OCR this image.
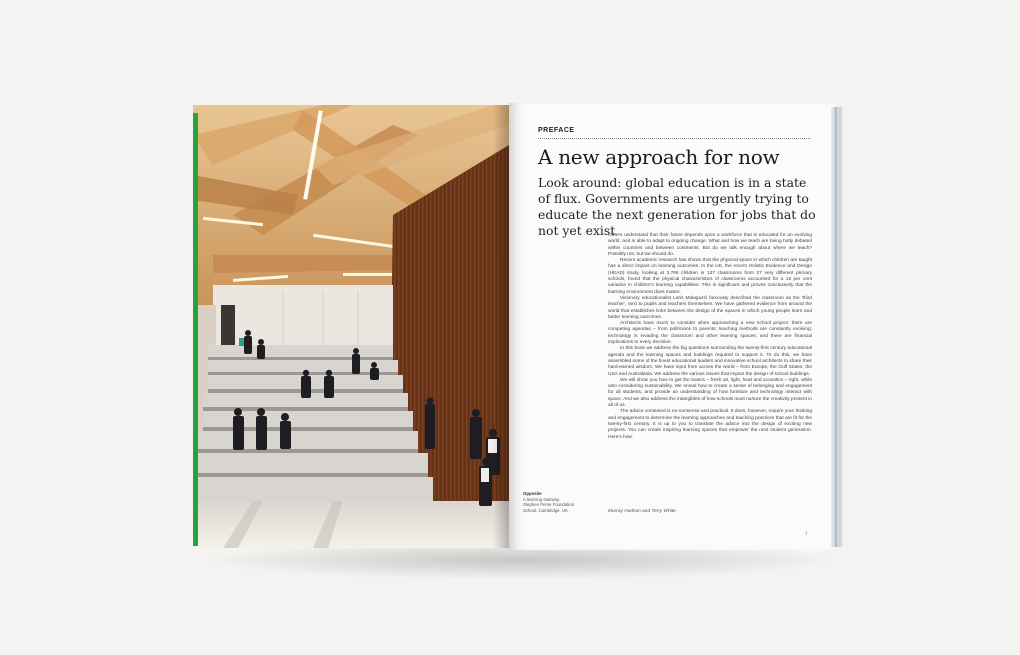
PREFACE
A new approach for now
Look around: global education is in a state of flux. Governments are urgently trying to educate the next generation for jobs that do not yet exist

Others understand that their future depends upon a workforce that is educated for an evolving world, and is able to adapt to ongoing change. What and how we teach are being hotly debated within countries and between continents. But do we talk enough about where we teach? Possibly not, but we should do.

Recent academic research has shown that the physical space in which children are taught has a direct impact on learning outcomes. In the UK, the recent Holistic Evidence and Design (HEAD) study, looking at 3,766 children in 137 classrooms from 27 very different primary schools, found that the physical characteristics of classrooms accounted for a 16 per cent variation in children's learning capabilities. This is significant and proves conclusively that the learning environment does matter.

Visionary educationalist Loris Malaguzzi famously described the classroom as the 'third teacher', next to pupils and teachers themselves. We have gathered evidence from around the world that establishes links between the design of the spaces in which young people learn and better learning outcomes.

Architects have much to consider when approaching a new school project: there are competing agendas – from politicians to parents; teaching methods are constantly evolving; technology is invading the classroom and other learning spaces; and there are financial implications to every decision.

In this book we address the big questions surrounding the twenty-first century educational agenda and the learning spaces and buildings required to support it. To do this, we have assembled some of the finest educational leaders and innovative school architects to share their hard-earned wisdom. We have input from across the world – from Europe, the Gulf States, the USA and Australasia. We address the various issues that impact the design of school buildings.

We will show you how to get the basics – fresh air, light, heat and acoustics – right, while also considering sustainability. We reveal how to create a sense of belonging and engagement for all students, and provide an understanding of how furniture and technology interact with space. And we also address the intangibles of how schools must nurture the creativity present in all of us.

The advice contained is no-nonsense and practical. It does, however, require your thinking and engagement to determine the learning approaches and teaching practices that are fit for the twenty-first century. It is up to you to translate the advice into the design of exciting new projects. You can create inspiring learning spaces that empower the next student generation. Here's how.

Murray Hudson and Terry White
7
Opposite
A learning stairway,
Stephen Perse Foundation
School, Cambridge, UK
